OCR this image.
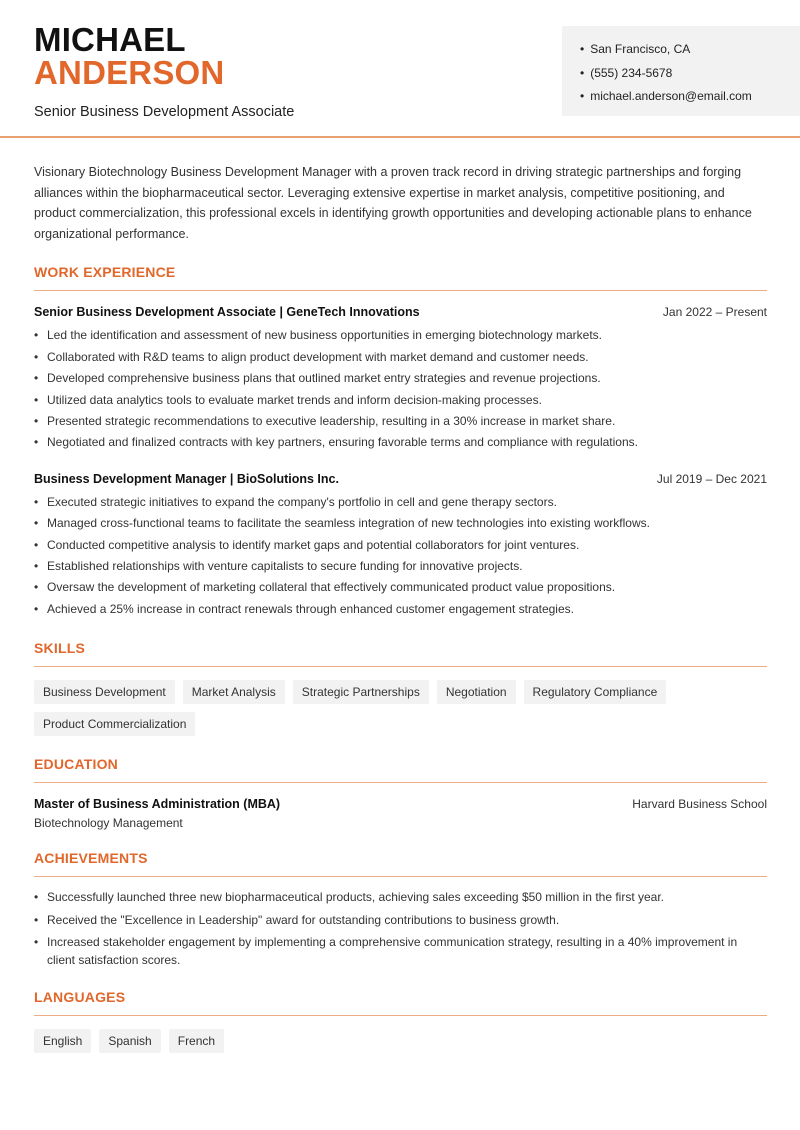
MICHAEL
ANDERSON
Senior Business Development Associate
• San Francisco, CA
• (555) 234-5678
• michael.anderson@email.com

Visionary Biotechnology Business Development Manager with a proven track record in driving strategic partnerships and forging alliances within the biopharmaceutical sector. Leveraging extensive expertise in market analysis, competitive positioning, and product commercialization, this professional excels in identifying growth opportunities and developing actionable plans to enhance organizational performance.

WORK EXPERIENCE
Senior Business Development Associate | GeneTech Innovations	Jan 2022 – Present
• Led the identification and assessment of new business opportunities in emerging biotechnology markets.
• Collaborated with R&D teams to align product development with market demand and customer needs.
• Developed comprehensive business plans that outlined market entry strategies and revenue projections.
• Utilized data analytics tools to evaluate market trends and inform decision-making processes.
• Presented strategic recommendations to executive leadership, resulting in a 30% increase in market share.
• Negotiated and finalized contracts with key partners, ensuring favorable terms and compliance with regulations.
Business Development Manager | BioSolutions Inc.	Jul 2019 – Dec 2021
• Executed strategic initiatives to expand the company's portfolio in cell and gene therapy sectors.
• Managed cross-functional teams to facilitate the seamless integration of new technologies into existing workflows.
• Conducted competitive analysis to identify market gaps and potential collaborators for joint ventures.
• Established relationships with venture capitalists to secure funding for innovative projects.
• Oversaw the development of marketing collateral that effectively communicated product value propositions.
• Achieved a 25% increase in contract renewals through enhanced customer engagement strategies.
SKILLS
Business Development	Market Analysis	Strategic Partnerships	Negotiation	Regulatory Compliance
Product Commercialization
EDUCATION
Master of Business Administration (MBA)	Harvard Business School
Biotechnology Management
ACHIEVEMENTS
• Successfully launched three new biopharmaceutical products, achieving sales exceeding $50 million in the first year.
• Received the "Excellence in Leadership" award for outstanding contributions to business growth.
• Increased stakeholder engagement by implementing a comprehensive communication strategy, resulting in a 40% improvement in client satisfaction scores.
LANGUAGES
English	Spanish	French
